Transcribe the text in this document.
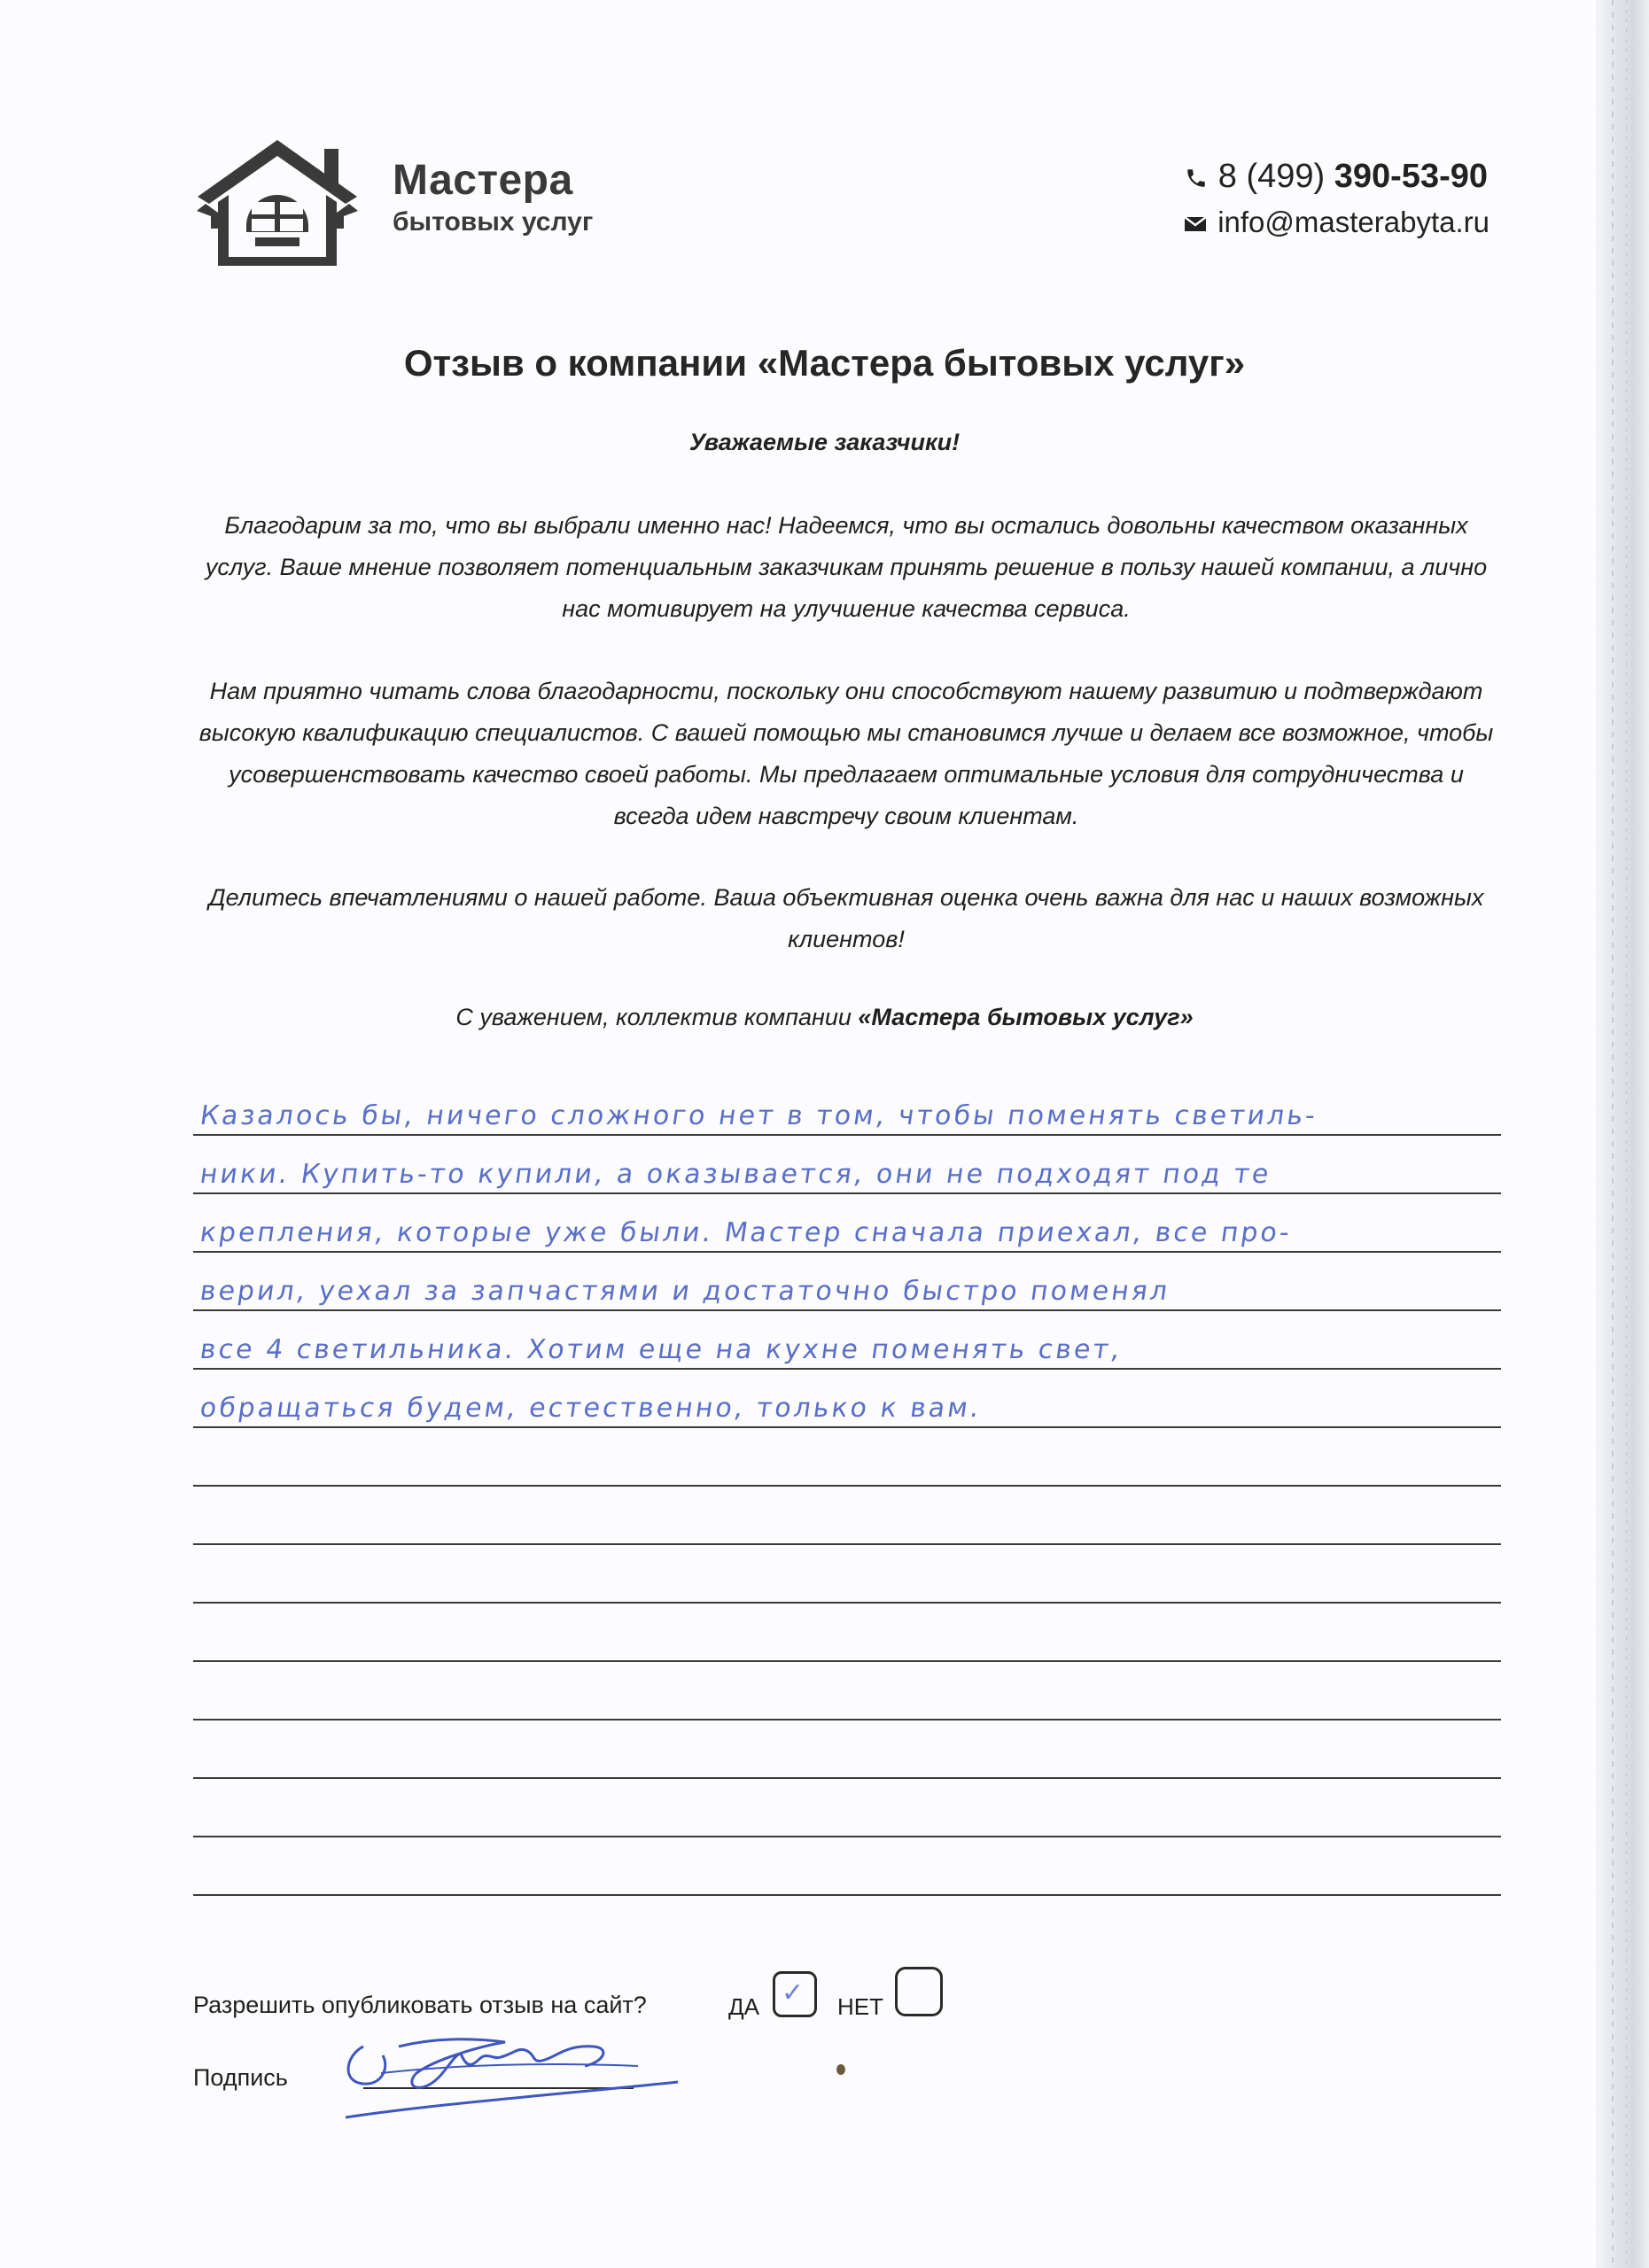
Мастера
бытовых услуг
8 (499) 390-53-90
info@masterabyta.ru
Отзыв о компании «Мастера бытовых услуг»
Уважаемые заказчики!
Благодарим за то, что вы выбрали именно нас! Надеемся, что вы остались довольны качеством оказанных услуг. Ваше мнение позволяет потенциальным заказчикам принять решение в пользу нашей компании, а лично нас мотивирует на улучшение качества сервиса.
Нам приятно читать слова благодарности, поскольку они способствуют нашему развитию и подтверждают высокую квалификацию специалистов. С вашей помощью мы становимся лучше и делаем все возможное, чтобы усовершенствовать качество своей работы. Мы предлагаем оптимальные условия для сотрудничества и всегда идем навстречу своим клиентам.
Делитесь впечатлениями о нашей работе. Ваша объективная оценка очень важна для нас и наших возможных клиентов!
С уважением, коллектив компании «Мастера бытовых услуг»
Казалось бы, ничего сложного нет в том, чтобы поменять светиль-
ники. Купить-то купили, а оказывается, они не подходят под те
крепления, которые уже были. Мастер сначала приехал, все про-
верил, уехал за запчастями и достаточно быстро поменял
все 4 светильника. Хотим еще на кухне поменять свет,
обращаться будем, естественно, только к вам.
Разрешить опубликовать отзыв на сайт?	ДА ✓ НЕТ
Подпись
